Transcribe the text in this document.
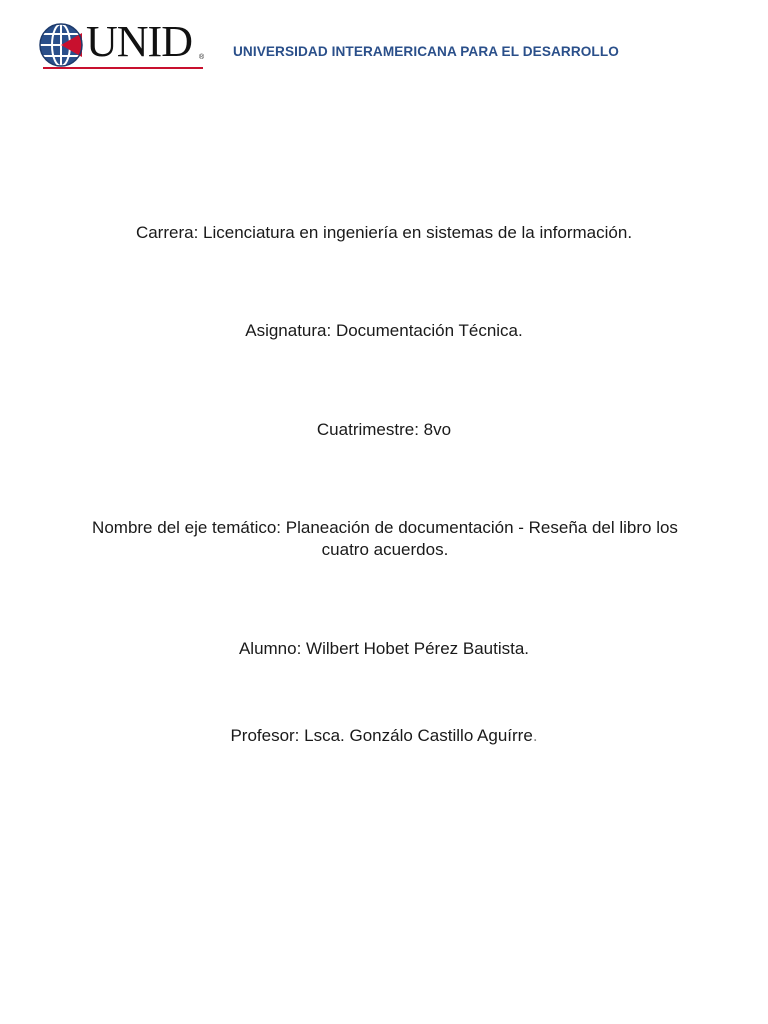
UNID ® UNIVERSIDAD INTERAMERICANA PARA EL DESARROLLO
Carrera: Licenciatura en ingeniería en sistemas de la información.
Asignatura: Documentación Técnica.
Cuatrimestre: 8vo
Nombre del eje temático: Planeación de documentación - Reseña del libro los cuatro acuerdos.
Alumno: Wilbert Hobet Pérez Bautista.
Profesor: Lsca. Gonzálo Castillo Aguírre.
